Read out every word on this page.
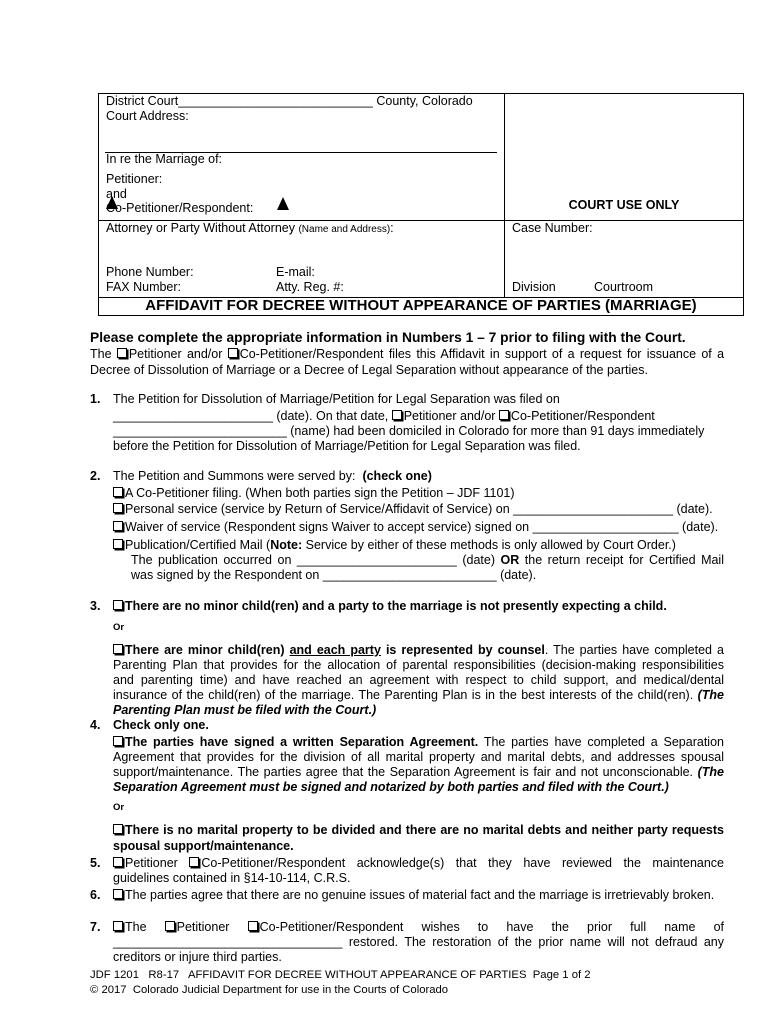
District Court____________________________ County, Colorado
Court Address:
In re the Marriage of:
Petitioner:
and
Co-Petitioner/Respondent:	COURT USE ONLY
Attorney or Party Without Attorney (Name and Address):	Case Number:
Phone Number:	E-mail:
FAX Number:	Atty. Reg. #:	Division	Courtroom
AFFIDAVIT FOR DECREE WITHOUT APPEARANCE OF PARTIES (MARRIAGE)
Please complete the appropriate information in Numbers 1 – 7 prior to filing with the Court.
The Petitioner and/or Co-Petitioner/Respondent files this Affidavit in support of a request for issuance of a
Decree of Dissolution of Marriage or a Decree of Legal Separation without appearance of the parties.
1. The Petition for Dissolution of Marriage/Petition for Legal Separation was filed on
_______________________ (date). On that date, Petitioner and/or Co-Petitioner/Respondent
_________________________ (name) had been domiciled in Colorado for more than 91 days immediately
before the Petition for Dissolution of Marriage/Petition for Legal Separation was filed.
2. The Petition and Summons were served by:  (check one)
A Co-Petitioner filing. (When both parties sign the Petition – JDF 1101)
Personal service (service by Return of Service/Affidavit of Service) on _______________________ (date).
Waiver of service (Respondent signs Waiver to accept service) signed on _____________________ (date).
Publication/Certified Mail (Note: Service by either of these methods is only allowed by Court Order.)
The publication occurred on _______________________ (date) OR the return receipt for Certified Mail
was signed by the Respondent on _________________________ (date).
3.	There are no minor child(ren) and a party to the marriage is not presently expecting a child.
Or
There are minor child(ren) and each party is represented by counsel. The parties have completed a
Parenting Plan that provides for the allocation of parental responsibilities (decision-making responsibilities
and parenting time) and have reached an agreement with respect to child support, and medical/dental
insurance of the child(ren) of the marriage. The Parenting Plan is in the best interests of the child(ren). (The
Parenting Plan must be filed with the Court.)
4. Check only one.
The parties have signed a written Separation Agreement. The parties have completed a Separation
Agreement that provides for the division of all marital property and marital debts, and addresses spousal
support/maintenance. The parties agree that the Separation Agreement is fair and not unconscionable. (The
Separation Agreement must be signed and notarized by both parties and filed with the Court.)
Or
There is no marital property to be divided and there are no marital debts and neither party requests
spousal support/maintenance.
5.	Petitioner Co-Petitioner/Respondent acknowledge(s) that they have reviewed the maintenance
guidelines contained in §14-10-114, C.R.S.
6.	The parties agree that there are no genuine issues of material fact and the marriage is irretrievably broken.
7.	The Petitioner Co-Petitioner/Respondent wishes to have the prior full name of
_________________________________ restored. The restoration of the prior name will not defraud any
creditors or injure third parties.
JDF 1201   R8-17   AFFIDAVIT FOR DECREE WITHOUT APPEARANCE OF PARTIES  Page 1 of 2
© 2017  Colorado Judicial Department for use in the Courts of Colorado
